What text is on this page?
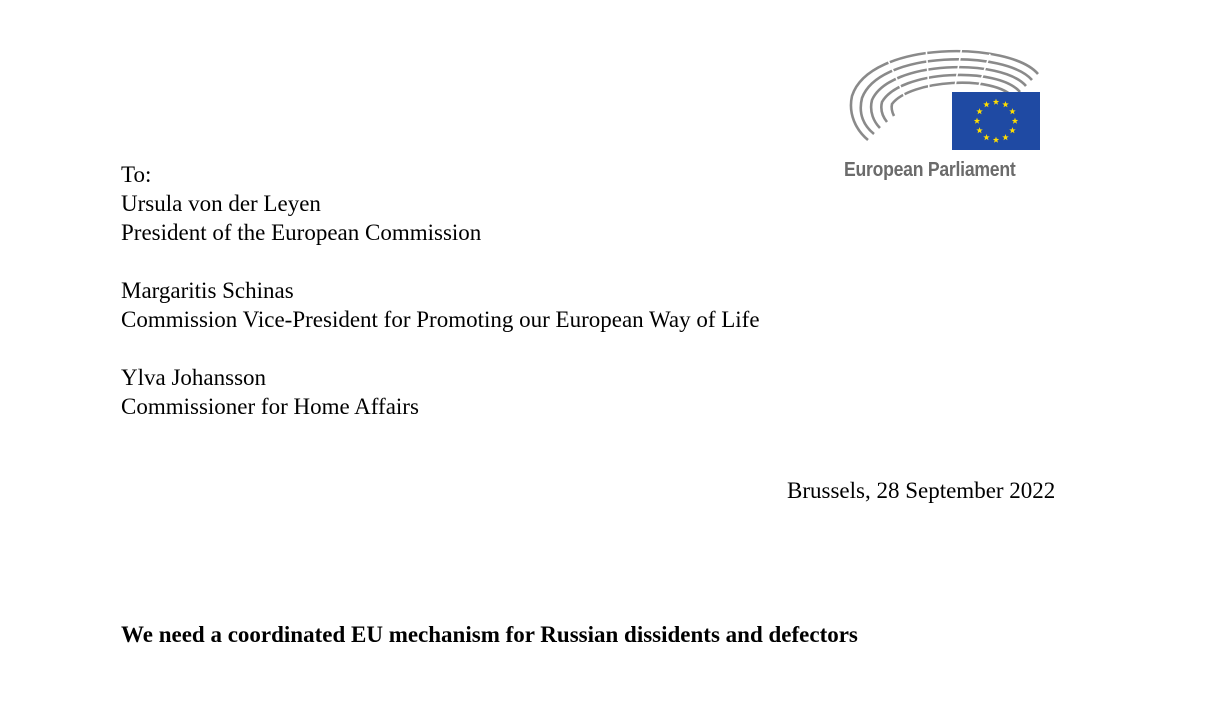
European Parliament
To:
Ursula von der Leyen
President of the European Commission
Margaritis Schinas
Commission Vice-President for Promoting our European Way of Life
Ylva Johansson
Commissioner for Home Affairs
Brussels, 28 September 2022
We need a coordinated EU mechanism for Russian dissidents and defectors
